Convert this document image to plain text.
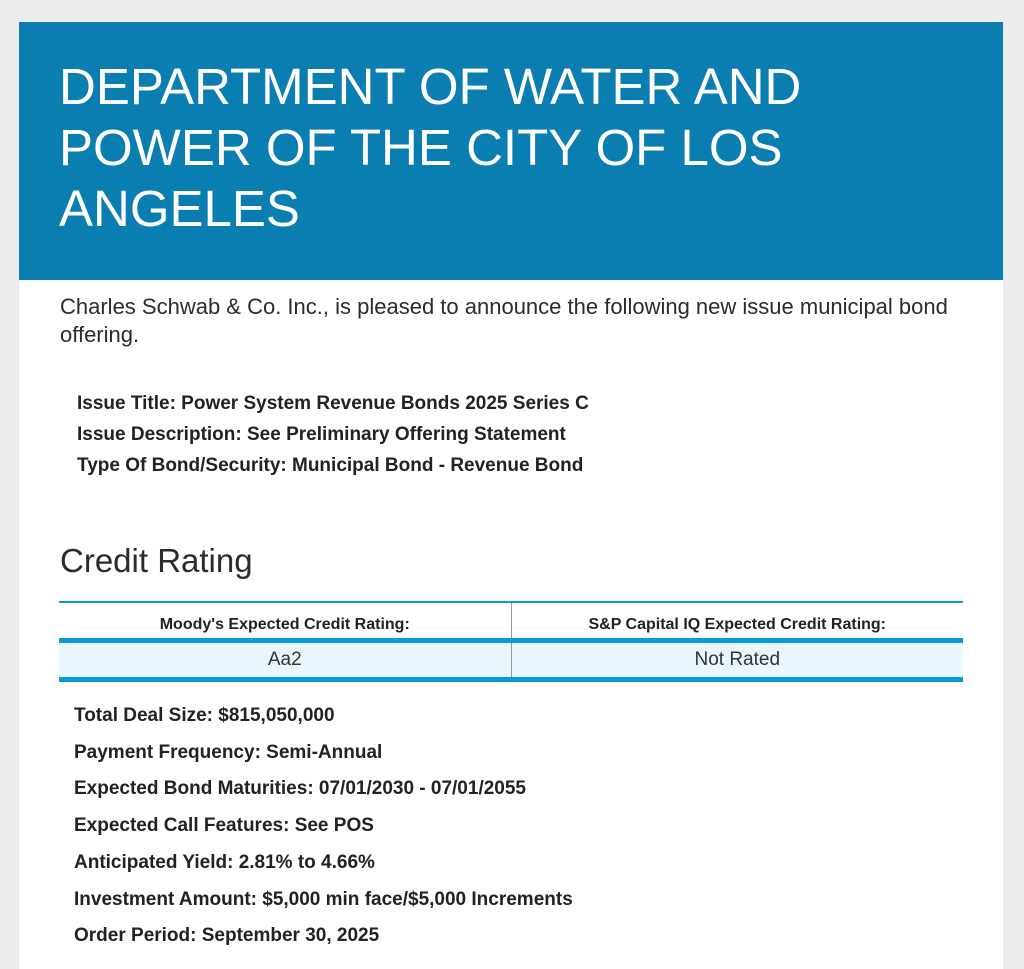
DEPARTMENT OF WATER AND POWER OF THE CITY OF LOS ANGELES
Charles Schwab & Co. Inc., is pleased to announce the following new issue municipal bond offering.
Issue Title: Power System Revenue Bonds 2025 Series C
Issue Description: See Preliminary Offering Statement
Type Of Bond/Security: Municipal Bond - Revenue Bond
Credit Rating
Moody's Expected Credit Rating:	S&P Capital IQ Expected Credit Rating:
Aa2	Not Rated
Total Deal Size: $815,050,000
Payment Frequency: Semi-Annual
Expected Bond Maturities: 07/01/2030 - 07/01/2055
Expected Call Features: See POS
Anticipated Yield: 2.81% to 4.66%
Investment Amount: $5,000 min face/$5,000 Increments
Order Period: September 30, 2025
